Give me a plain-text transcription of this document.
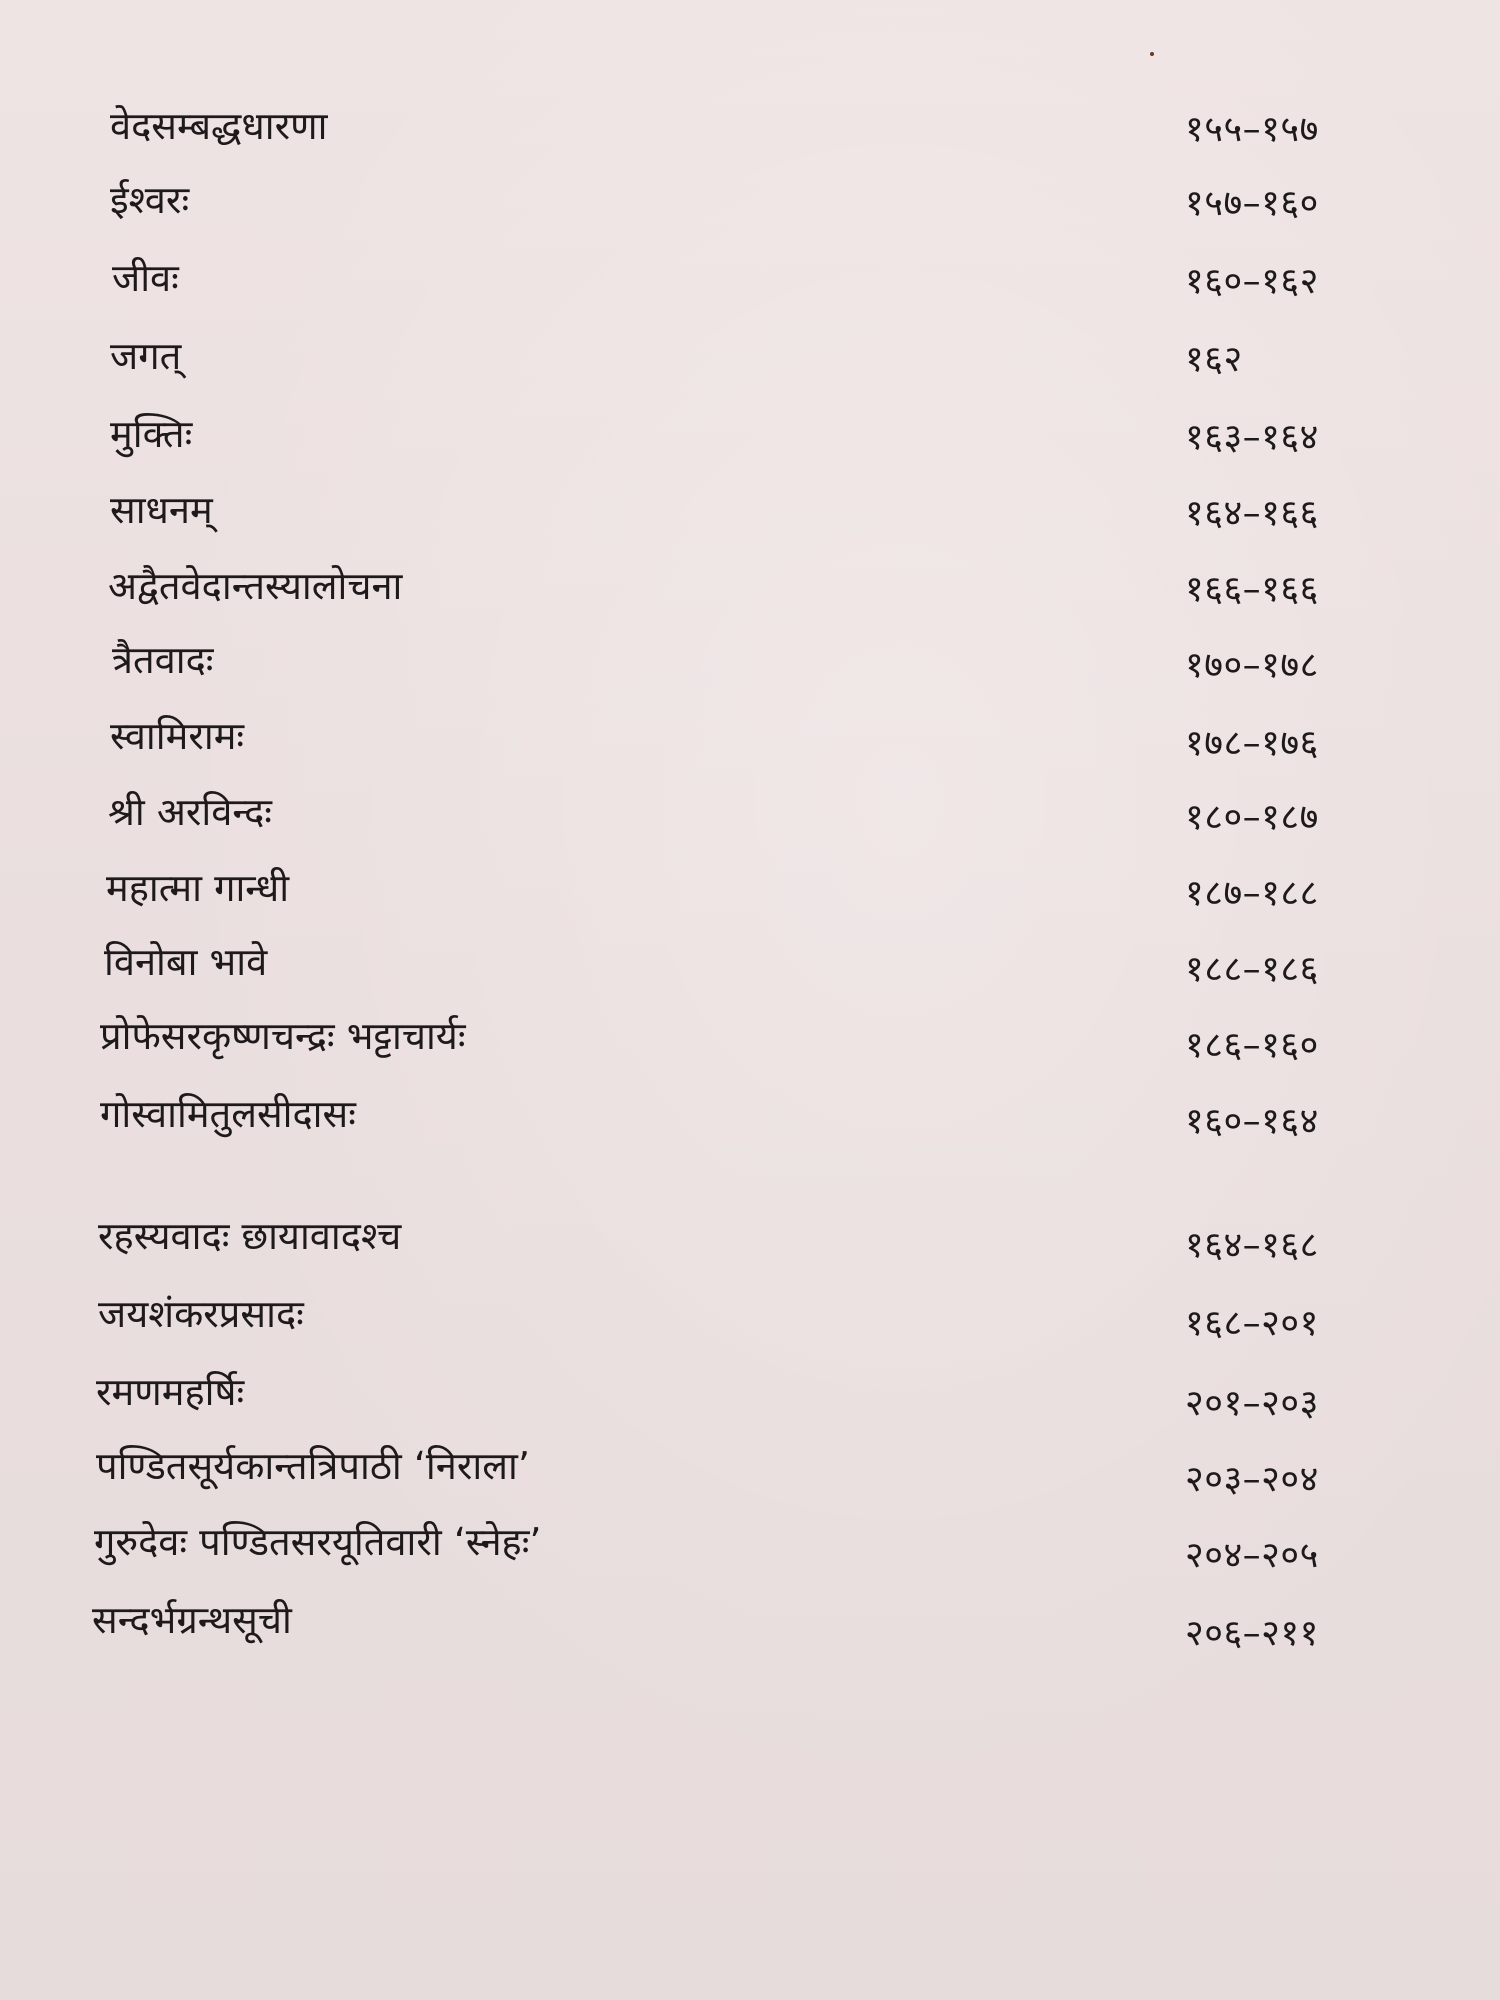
वेदसम्बद्धधारणा	१५५–१५७
ईश्वरः	१५७–१६०
जीवः	१६०–१६२
जगत्	१६२
मुक्तिः	१६३–१६४
साधनम्	१६४–१६६
अद्वैतवेदान्तस्यालोचना	१६६–१६६
त्रैतवादः	१७०–१७८
स्वामिरामः	१७८–१७६
श्री अरविन्दः	१८०–१८७
महात्मा गान्धी	१८७–१८८
विनोबा भावे	१८८–१८६
प्रोफेसरकृष्णचन्द्रः भट्टाचार्यः	१८६–१६०
गोस्वामितुलसीदासः	१६०–१६४
रहस्यवादः छायावादश्च	१६४–१६८
जयशंकरप्रसादः	१६८–२०१
रमणमहर्षिः	२०१–२०३
पण्डितसूर्यकान्तत्रिपाठी ‘निराला’	२०३–२०४
गुरुदेवः पण्डितसरयूतिवारी ‘स्नेहः’	२०४–२०५
सन्दर्भग्रन्थसूची	२०६–२११
